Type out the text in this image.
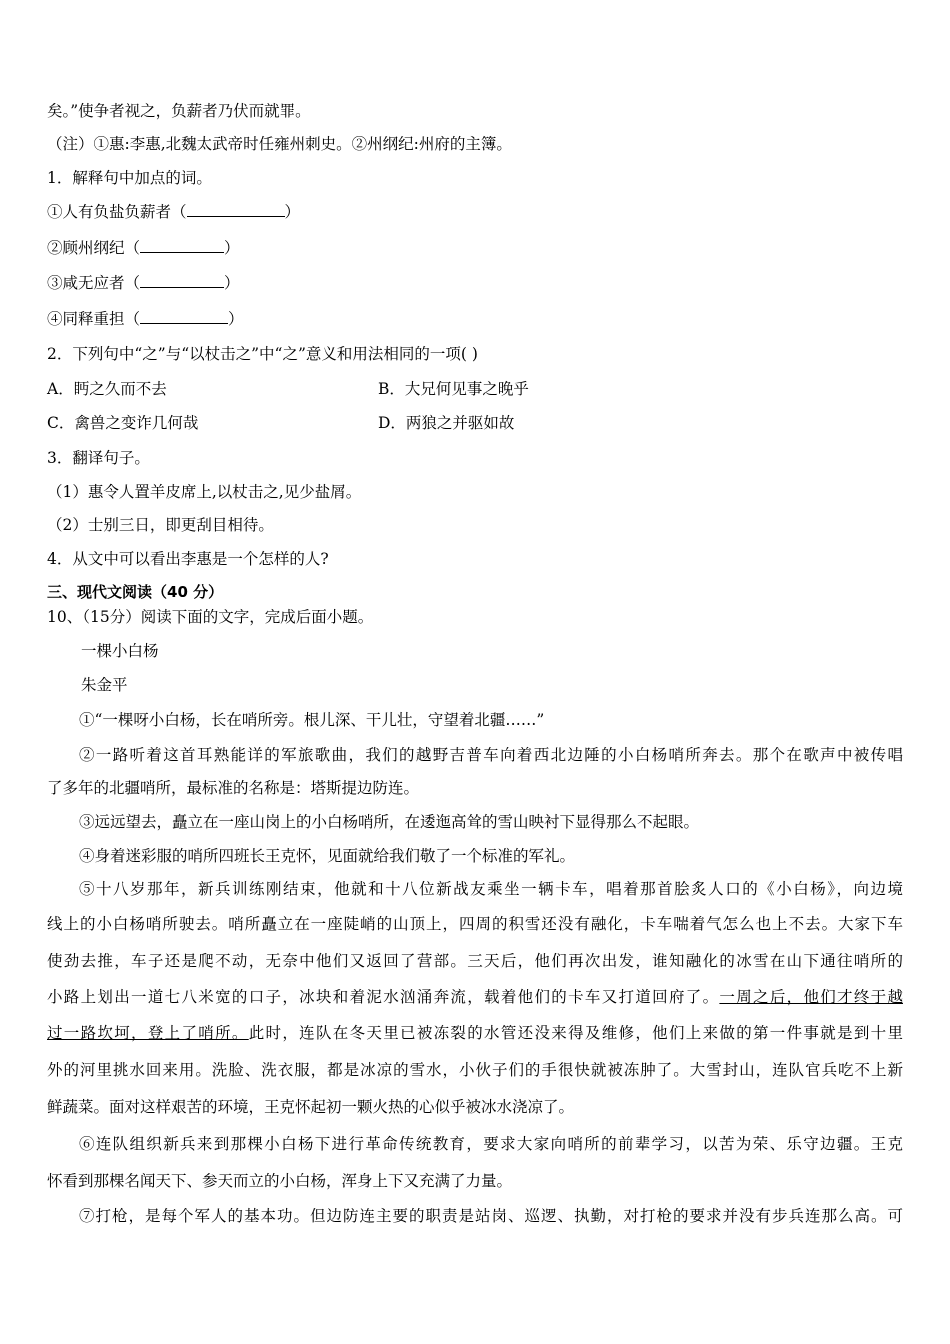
矣。”使争者视之，负薪者乃伏而就罪。
（注）①惠:李惠,北魏太武帝时任雍州刺史。②州纲纪:州府的主簿。
1．解释句中加点的词。
①人有负盐负薪者（	）
②顾州纲纪（	）
③咸无应者（	）
④同释重担（	）
2．下列句中“之”与“以杖击之”中“之”意义和用法相同的一项( )
A．眄之久而不去	B．大兄何见事之晚乎
C．禽兽之变诈几何哉	D．两狼之并驱如故
3．翻译句子。
（1）惠令人置羊皮席上,以杖击之,见少盐屑。
（2）士别三日，即更刮目相待。
4．从文中可以看出李惠是一个怎样的人?
三、现代文阅读（40 分）
10、（15分）阅读下面的文字，完成后面小题。
一棵小白杨
朱金平
①“一棵呀小白杨，长在哨所旁。根儿深、干儿壮，守望着北疆……”
②一路听着这首耳熟能详的军旅歌曲，我们的越野吉普车向着西北边陲的小白杨哨所奔去。那个在歌声中被传唱
了多年的北疆哨所，最标准的名称是：塔斯提边防连。
③远远望去，矗立在一座山岗上的小白杨哨所，在逶迤高耸的雪山映衬下显得那么不起眼。
④身着迷彩服的哨所四班长王克怀，见面就给我们敬了一个标准的军礼。
⑤十八岁那年，新兵训练刚结束，他就和十八位新战友乘坐一辆卡车，唱着那首脍炙人口的《小白杨》，向边境
线上的小白杨哨所驶去。哨所矗立在一座陡峭的山顶上，四周的积雪还没有融化，卡车喘着气怎么也上不去。大家下车
使劲去推，车子还是爬不动，无奈中他们又返回了营部。三天后，他们再次出发，谁知融化的冰雪在山下通往哨所的
小路上划出一道七八米宽的口子，冰块和着泥水汹涌奔流，载着他们的卡车又打道回府了。一周之后，他们才终于越
过一路坎坷，登上了哨所。此时，连队在冬天里已被冻裂的水管还没来得及维修，他们上来做的第一件事就是到十里
外的河里挑水回来用。洗脸、洗衣服，都是冰凉的雪水，小伙子们的手很快就被冻肿了。大雪封山，连队官兵吃不上新
鲜蔬菜。面对这样艰苦的环境，王克怀起初一颗火热的心似乎被冰水浇凉了。
⑥连队组织新兵来到那棵小白杨下进行革命传统教育，要求大家向哨所的前辈学习，以苦为荣、乐守边疆。王克
怀看到那棵名闻天下、参天而立的小白杨，浑身上下又充满了力量。
⑦打枪，是每个军人的基本功。但边防连主要的职责是站岗、巡逻、执勤，对打枪的要求并没有步兵连那么高。可
